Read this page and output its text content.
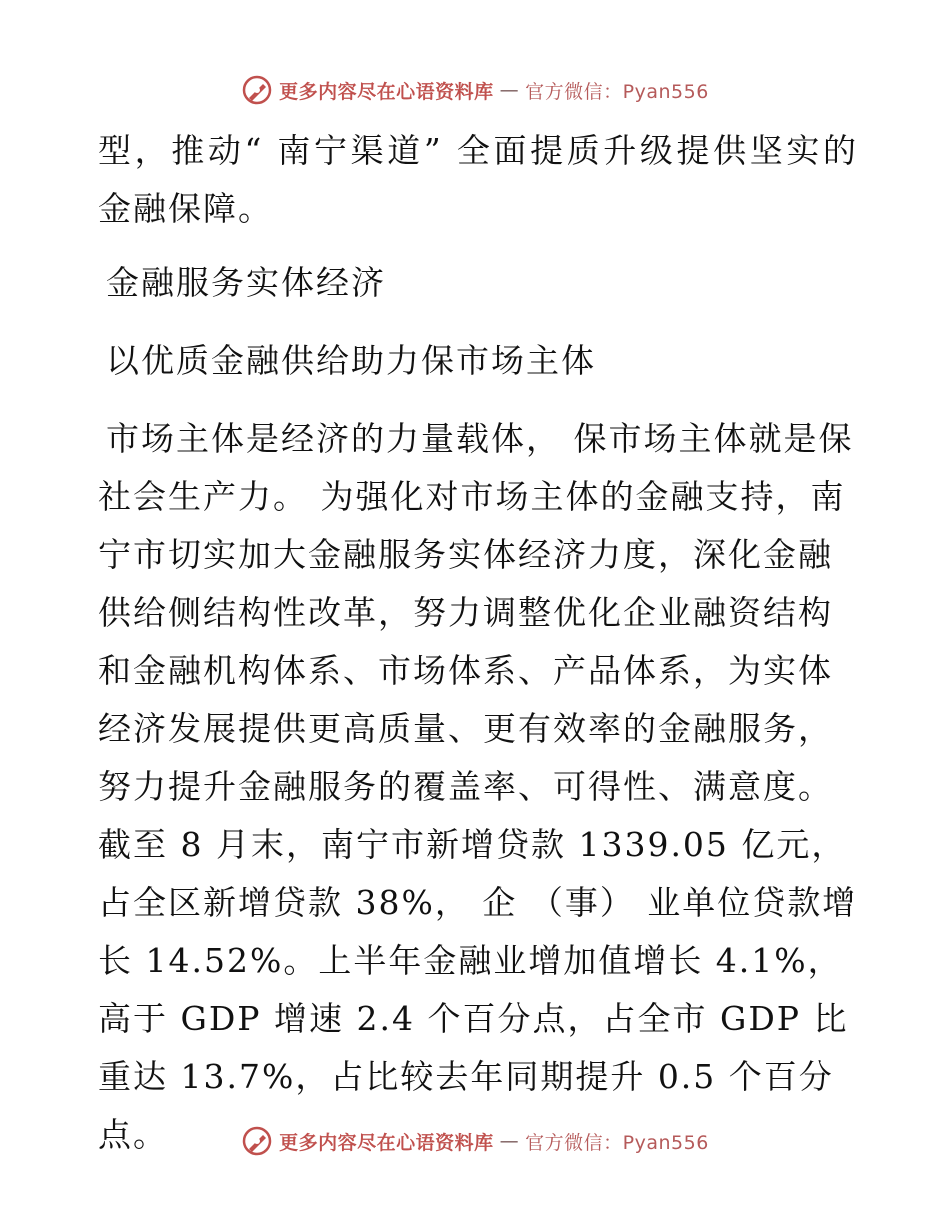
更多内容尽在心语资料库 — 官方微信：Pyan556

型，推动“ 南宁渠道” 全面提质升级提供坚实的金融保障。

金融服务实体经济

以优质金融供给助力保市场主体

市场主体是经济的力量载体， 保市场主体就是保社会生产力。 为强化对市场主体的金融支持，南宁市切实加大金融服务实体经济力度，深化金融供给侧结构性改革，努力调整优化企业融资结构和金融机构体系、市场体系、产品体系，为实体经济发展提供更高质量、更有效率的金融服务，努力提升金融服务的覆盖率、可得性、满意度。截至 8 月末，南宁市新增贷款 1339.05 亿元，占全区新增贷款 38%， 企 （事） 业单位贷款增长 14.52%。上半年金融业增加值增长 4.1%， 高于 GDP 增速 2.4 个百分点，占全市 GDP 比重达 13.7%，占比较去年同期提升 0.5 个百分点。	更多内容尽在心语资料库 — 官方微信：Pyan556
